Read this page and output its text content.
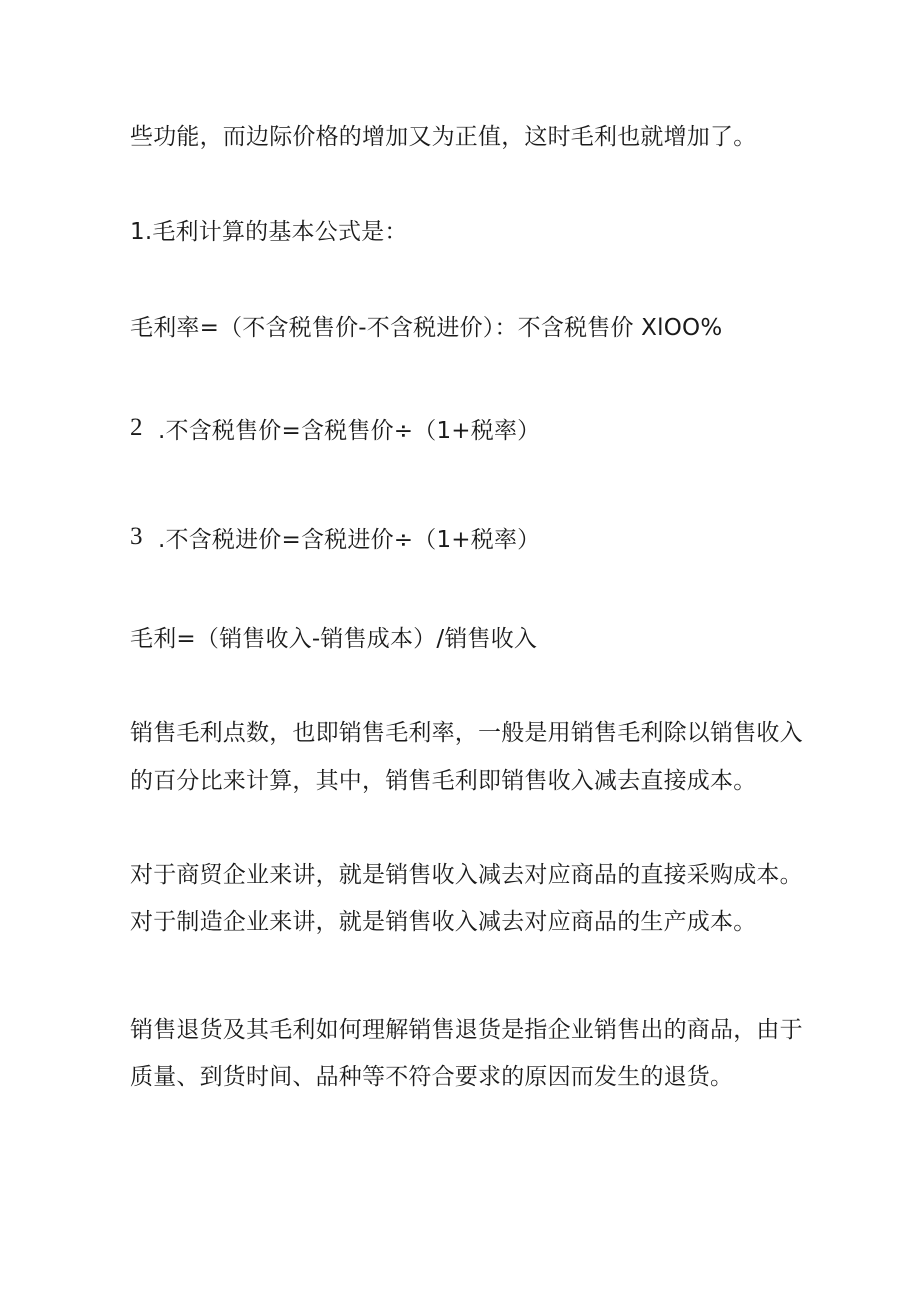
些功能，而边际价格的增加又为正值，这时毛利也就增加了。
1.毛利计算的基本公式是：
毛利率=（不含税售价-不含税进价）：不含税售价 XlOO%
2 .不含税售价=含税售价÷（1+税率）
3 .不含税进价=含税进价÷（1+税率）
毛利=（销售收入-销售成本）/销售收入
销售毛利点数，也即销售毛利率，一般是用销售毛利除以销售收入
的百分比来计算，其中，销售毛利即销售收入减去直接成本。
对于商贸企业来讲，就是销售收入减去对应商品的直接采购成本。
对于制造企业来讲，就是销售收入减去对应商品的生产成本。
销售退货及其毛利如何理解销售退货是指企业销售出的商品，由于
质量、到货时间、品种等不符合要求的原因而发生的退货。
